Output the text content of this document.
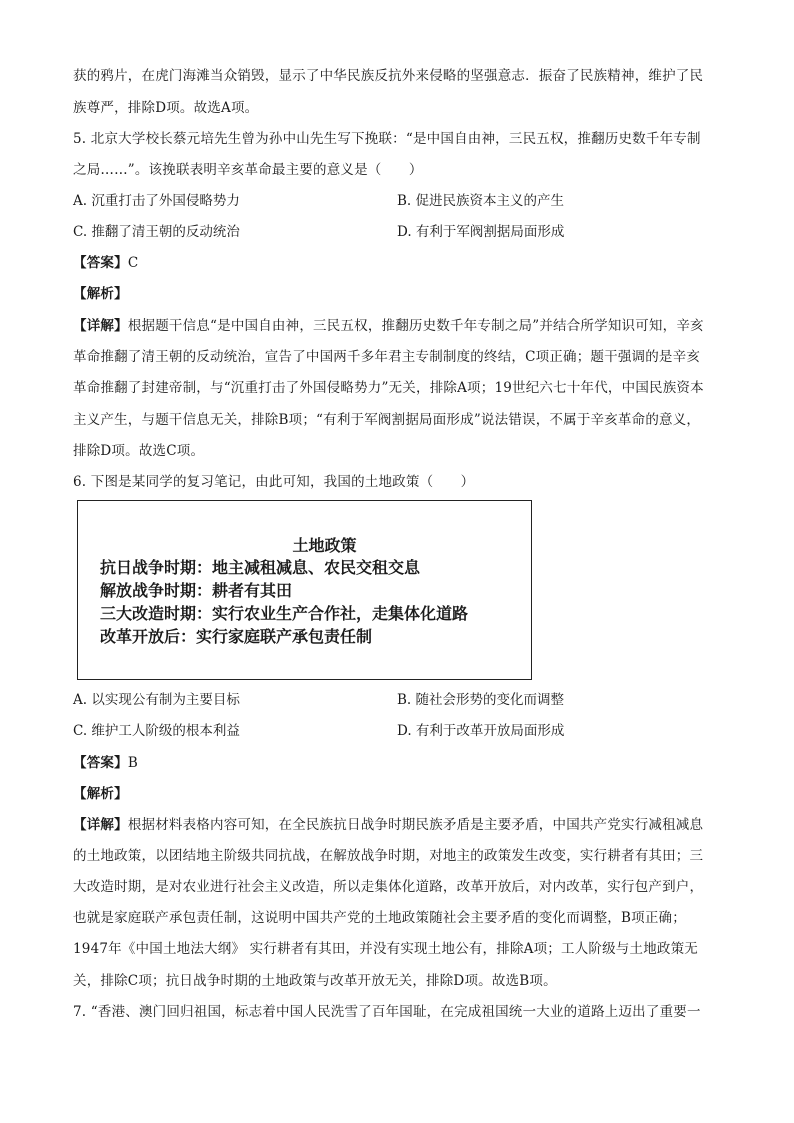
获的鸦片，在虎门海滩当众销毁，显示了中华民族反抗外来侵略的坚强意志．振奋了民族精神，维护了民
族尊严，排除D项。故选A项。
5. 北京大学校长蔡元培先生曾为孙中山先生写下挽联：“是中国自由神，三民五权，推翻历史数千年专制
之局……”。该挽联表明辛亥革命最主要的意义是（　　）
A. 沉重打击了外国侵略势力	B. 促进民族资本主义的产生
C. 推翻了清王朝的反动统治	D. 有利于军阀割据局面形成
【答案】C
【解析】
【详解】根据题干信息“是中国自由神，三民五权，推翻历史数千年专制之局”并结合所学知识可知，辛亥
革命推翻了清王朝的反动统治，宣告了中国两千多年君主专制制度的终结，C项正确；题干强调的是辛亥
革命推翻了封建帝制，与“沉重打击了外国侵略势力”无关，排除A项；19世纪六七十年代，中国民族资本
主义产生，与题干信息无关，排除B项；“有利于军阀割据局面形成”说法错误，不属于辛亥革命的意义，
排除D项。故选C项。
6. 下图是某同学的复习笔记，由此可知，我国的土地政策（　　）
土地政策
抗日战争时期：地主减租减息、农民交租交息
解放战争时期：耕者有其田
三大改造时期：实行农业生产合作社，走集体化道路
改革开放后：实行家庭联产承包责任制
A. 以实现公有制为主要目标	B. 随社会形势的变化而调整
C. 维护工人阶级的根本利益	D. 有利于改革开放局面形成
【答案】B
【解析】
【详解】根据材料表格内容可知，在全民族抗日战争时期民族矛盾是主要矛盾，中国共产党实行减租减息
的土地政策，以团结地主阶级共同抗战，在解放战争时期，对地主的政策发生改变，实行耕者有其田；三
大改造时期，是对农业进行社会主义改造，所以走集体化道路，改革开放后，对内改革，实行包产到户，
也就是家庭联产承包责任制，这说明中国共产党的土地政策随社会主要矛盾的变化而调整，B项正确；
1947年《中国土地法大纲》 实行耕者有其田，并没有实现土地公有，排除A项；工人阶级与土地政策无
关，排除C项；抗日战争时期的土地政策与改革开放无关，排除D项。故选B项。
7. “香港、澳门回归祖国，标志着中国人民洗雪了百年国耻，在完成祖国统一大业的道路上迈出了重要一
